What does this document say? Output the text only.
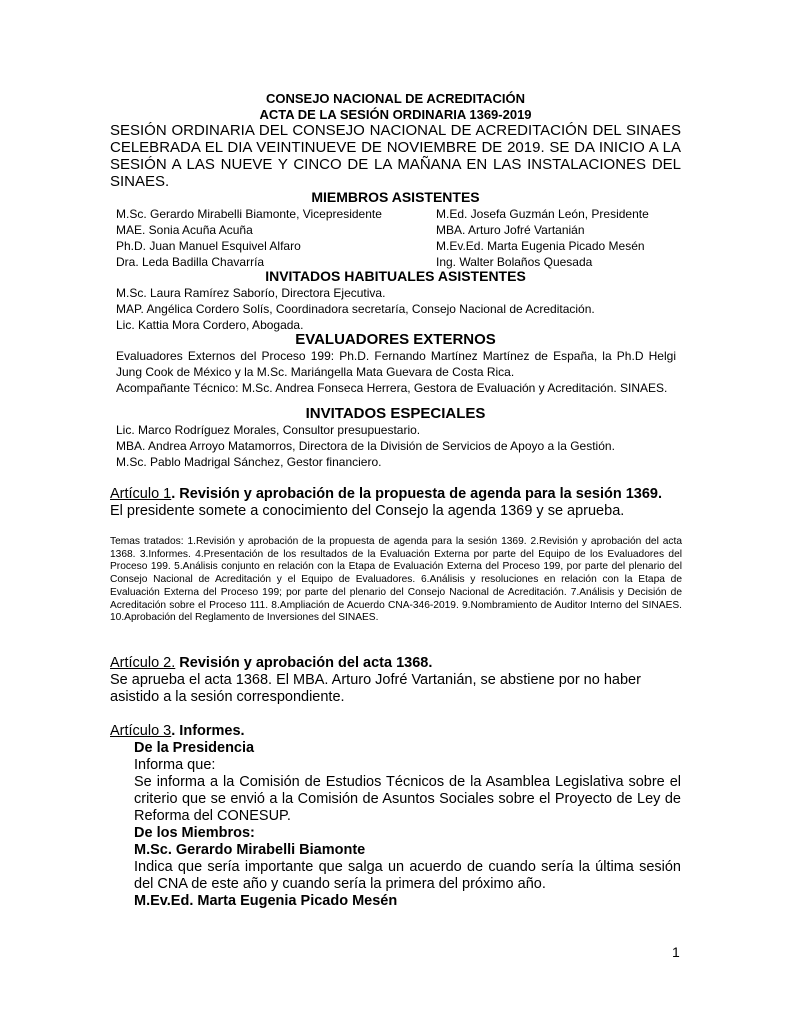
CONSEJO NACIONAL DE ACREDITACIÓN
ACTA DE LA SESIÓN ORDINARIA 1369-2019
SESIÓN ORDINARIA DEL CONSEJO NACIONAL DE ACREDITACIÓN DEL SINAES CELEBRADA EL DIA VEINTINUEVE DE NOVIEMBRE DE 2019. SE DA INICIO A LA SESIÓN A LAS NUEVE Y CINCO DE LA MAÑANA EN LAS INSTALACIONES DEL SINAES.
MIEMBROS ASISTENTES
M.Sc. Gerardo Mirabelli Biamonte, Vicepresidente	M.Ed. Josefa Guzmán León, Presidente
MAE. Sonia Acuña Acuña	MBA. Arturo Jofré Vartanián
Ph.D. Juan Manuel Esquivel Alfaro	M.Ev.Ed. Marta Eugenia Picado Mesén
Dra. Leda Badilla Chavarría	Ing. Walter Bolaños Quesada
INVITADOS HABITUALES ASISTENTES
M.Sc. Laura Ramírez Saborío, Directora Ejecutiva.
MAP. Angélica Cordero Solís, Coordinadora secretaría, Consejo Nacional de Acreditación.
Lic. Kattia Mora Cordero, Abogada.
EVALUADORES EXTERNOS
Evaluadores Externos del Proceso 199: Ph.D. Fernando Martínez Martínez de España, la Ph.D Helgi Jung Cook de México y la M.Sc. Mariángella Mata Guevara de Costa Rica.
Acompañante Técnico: M.Sc. Andrea Fonseca Herrera, Gestora de Evaluación y Acreditación. SINAES.
INVITADOS ESPECIALES
Lic. Marco Rodríguez Morales, Consultor presupuestario.
MBA. Andrea Arroyo Matamorros, Directora de la División de Servicios de Apoyo a la Gestión.
M.Sc. Pablo Madrigal Sánchez, Gestor financiero.
Artículo 1. Revisión y aprobación de la propuesta de agenda para la sesión 1369.
El presidente somete a conocimiento del Consejo la agenda 1369 y se aprueba.
Temas tratados: 1.Revisión y aprobación de la propuesta de agenda para la sesión 1369. 2.Revisión y aprobación del acta 1368. 3.Informes. 4.Presentación de los resultados de la Evaluación Externa por parte del Equipo de los Evaluadores del Proceso 199. 5.Análisis conjunto en relación con la Etapa de Evaluación Externa del Proceso 199, por parte del plenario del Consejo Nacional de Acreditación y el Equipo de Evaluadores. 6.Análisis y resoluciones en relación con la Etapa de Evaluación Externa del Proceso 199; por parte del plenario del Consejo Nacional de Acreditación. 7.Análisis y Decisión de Acreditación sobre el Proceso 111. 8.Ampliación de Acuerdo CNA-346-2019. 9.Nombramiento de Auditor Interno del SINAES. 10.Aprobación del Reglamento de Inversiones del SINAES.
Artículo 2. Revisión y aprobación del acta 1368.
Se aprueba el acta 1368. El MBA. Arturo Jofré Vartanián, se abstiene por no haber asistido a la sesión correspondiente.
Artículo 3. Informes.
De la Presidencia
Informa que:
Se informa a la Comisión de Estudios Técnicos de la Asamblea Legislativa sobre el criterio que se envió a la Comisión de Asuntos Sociales sobre el Proyecto de Ley de Reforma del CONESUP.
De los Miembros:
M.Sc. Gerardo Mirabelli Biamonte
Indica que sería importante que salga un acuerdo de cuando sería la última sesión del CNA de este año y cuando sería la primera del próximo año.
M.Ev.Ed. Marta Eugenia Picado Mesén
1
